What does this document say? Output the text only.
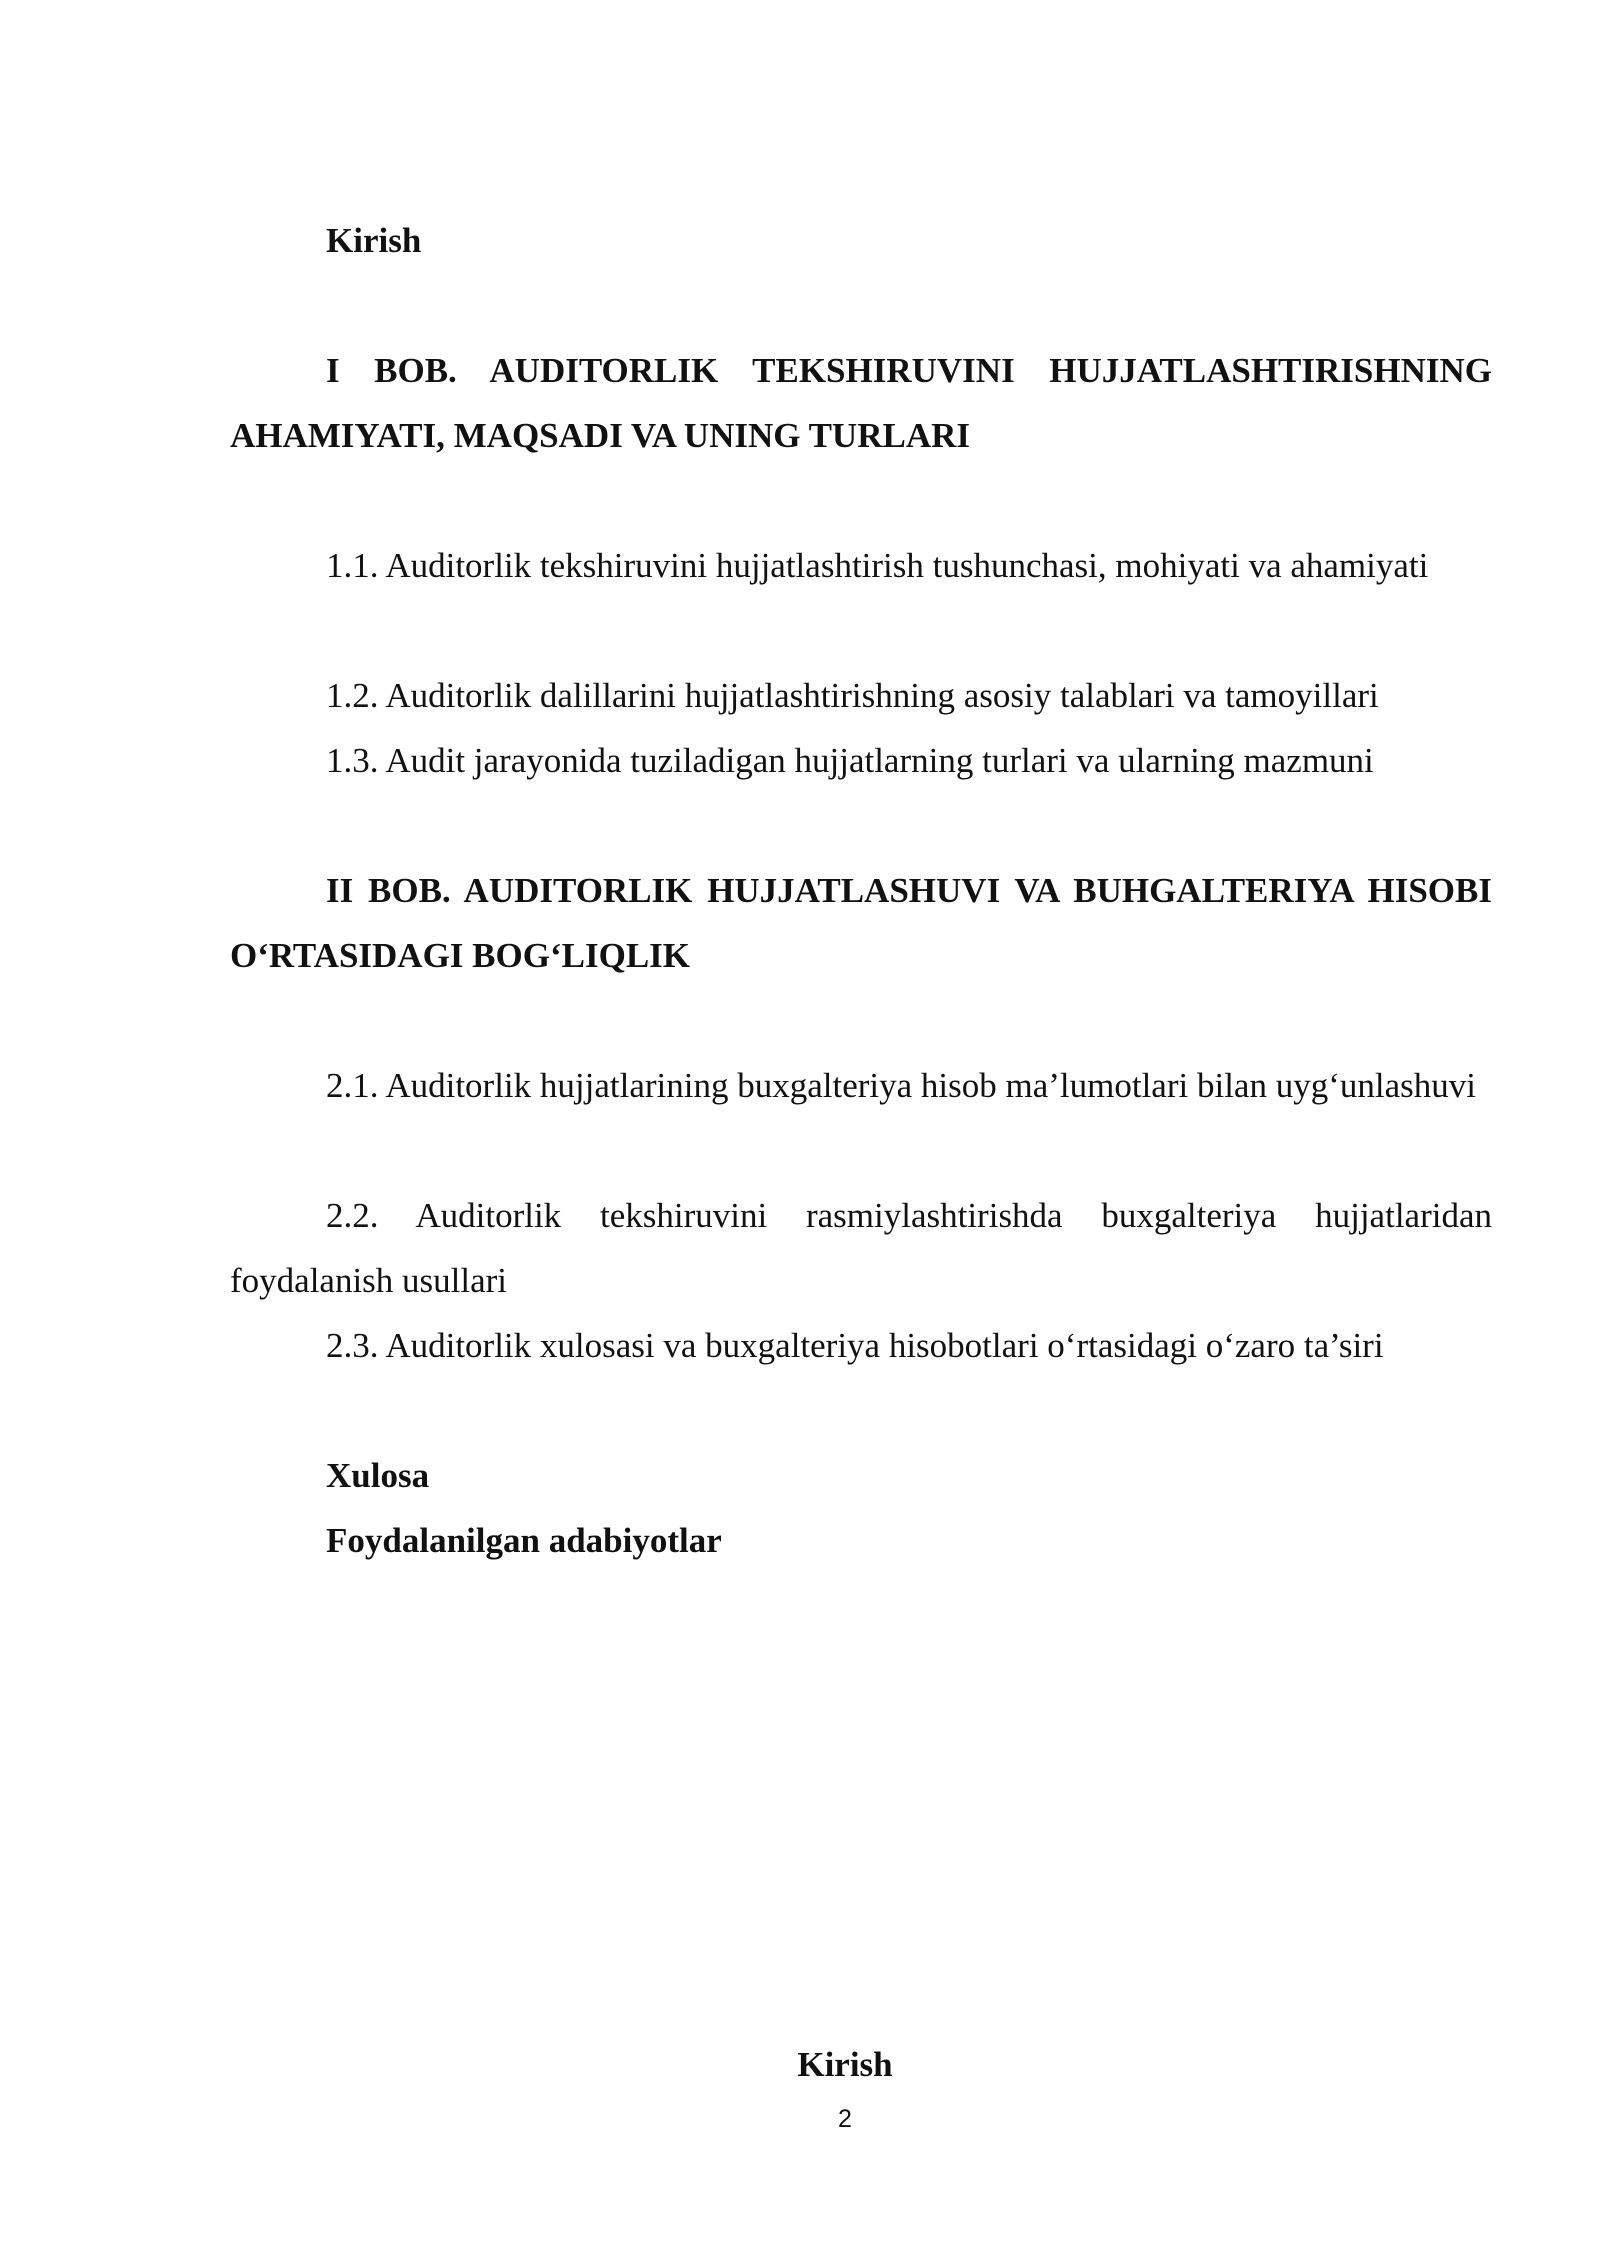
Kirish

I BOB. AUDITORLIK TEKSHIRUVINI HUJJATLASHTIRISHNING AHAMIYATI, MAQSADI VA UNING TURLARI

1.1. Auditorlik tekshiruvini hujjatlashtirish tushunchasi, mohiyati va ahamiyati

1.2. Auditorlik dalillarini hujjatlashtirishning asosiy talablari va tamoyillari

1.3. Audit jarayonida tuziladigan hujjatlarning turlari va ularning mazmuni

II BOB. AUDITORLIK HUJJATLASHUVI VA BUHGALTERIYA HISOBI O‘RTASIDAGI BOG‘LIQLIK

2.1. Auditorlik hujjatlarining buxgalteriya hisob ma’lumotlari bilan uyg‘unlashuvi

2.2. Auditorlik tekshiruvini rasmiylashtirishda buxgalteriya hujjatlaridan foydalanish usullari

2.3. Auditorlik xulosasi va buxgalteriya hisobotlari o‘rtasidagi o‘zaro ta’siri

Xulosa

Foydalanilgan adabiyotlar

Kirish

2
